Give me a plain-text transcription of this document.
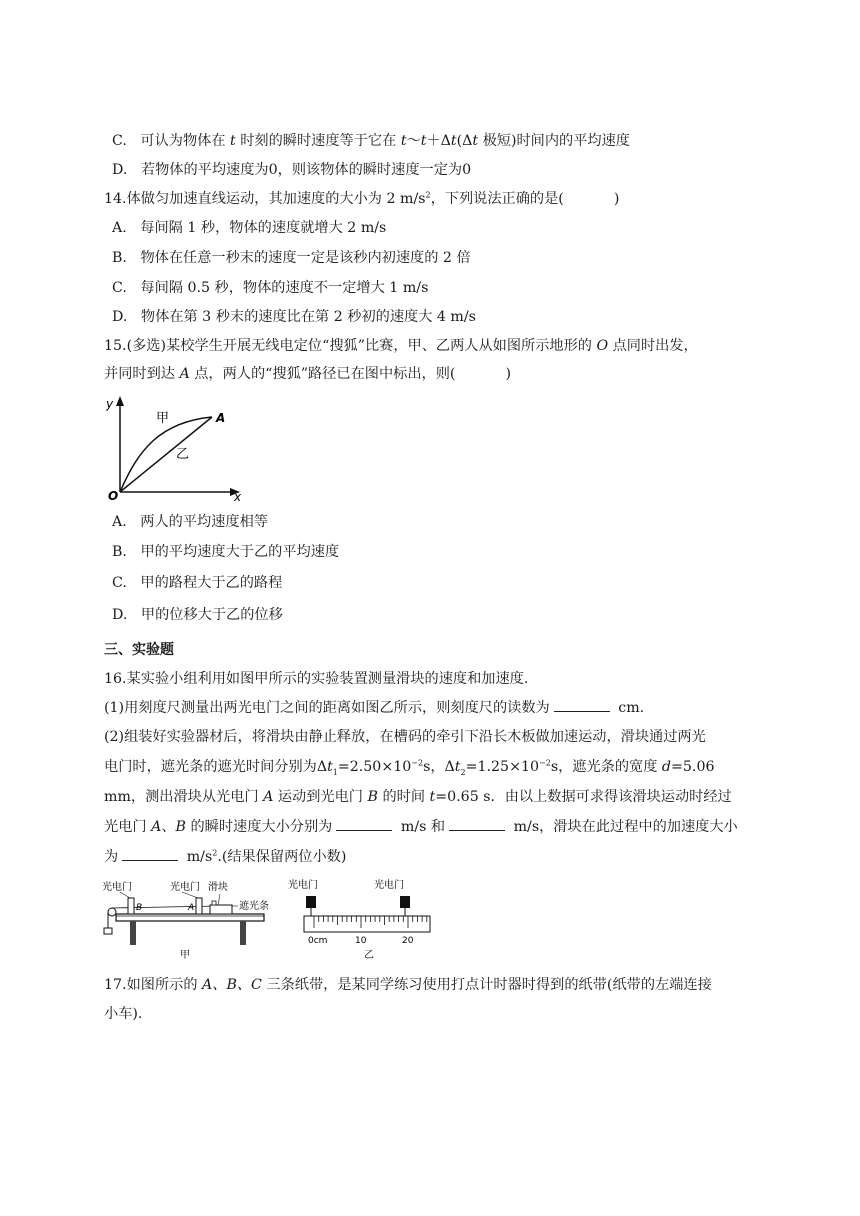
C. 可认为物体在 t 时刻的瞬时速度等于它在 t～t＋Δt(Δt 极短)时间内的平均速度
D. 若物体的平均速度为0，则该物体的瞬时速度一定为0
14.体做匀加速直线运动，其加速度的大小为 2 $m/s^2$，下列说法正确的是(	)
A. 每间隔 1 秒，物体的速度就增大 2 m/s
B. 物体在任意一秒末的速度一定是该秒内初速度的 2 倍
C. 每间隔 0.5 秒，物体的速度不一定增大 1 m/s
D. 物体在第 3 秒末的速度比在第 2 秒初的速度大 4 m/s
15.(多选)某校学生开展无线电定位“搜狐”比赛，甲、乙两人从如图所示地形的 O 点同时出发，
并同时到达 A 点，两人的“搜狐”路径已在图中标出，则(	)
y
x
O
A
甲
乙
A. 两人的平均速度相等
B. 甲的平均速度大于乙的平均速度
C. 甲的路程大于乙的路程
D. 甲的位移大于乙的位移
三、实验题
16.某实验小组利用如图甲所示的实验装置测量滑块的速度和加速度.
(1)用刻度尺测量出两光电门之间的距离如图乙所示，则刻度尺的读数为	cm.
(2)组装好实验器材后，将滑块由静止释放，在槽码的牵引下沿长木板做加速运动，滑块通过两光
电门时，遮光条的遮光时间分别为$\Delta t_1=2.50\times 10^{-2}s$，$\Delta t_2=1.25\times 10^{-2}s$，遮光条的宽度 d=5.06
mm，测出滑块从光电门 A 运动到光电门 B 的时间 t=0.65 s．由以上数据可求得该滑块运动时经过
光电门 A、B 的瞬时速度大小分别为	m/s 和	m/s，滑块在此过程中的加速度大小
为	$m/s^2$.(结果保留两位小数)
光电门
B
光电门 滑块
A	遮光条
甲
光电门	光电门
0cm	10	20
乙
17.如图所示的 A、B、C 三条纸带，是某同学练习使用打点计时器时得到的纸带(纸带的左端连接
小车).
